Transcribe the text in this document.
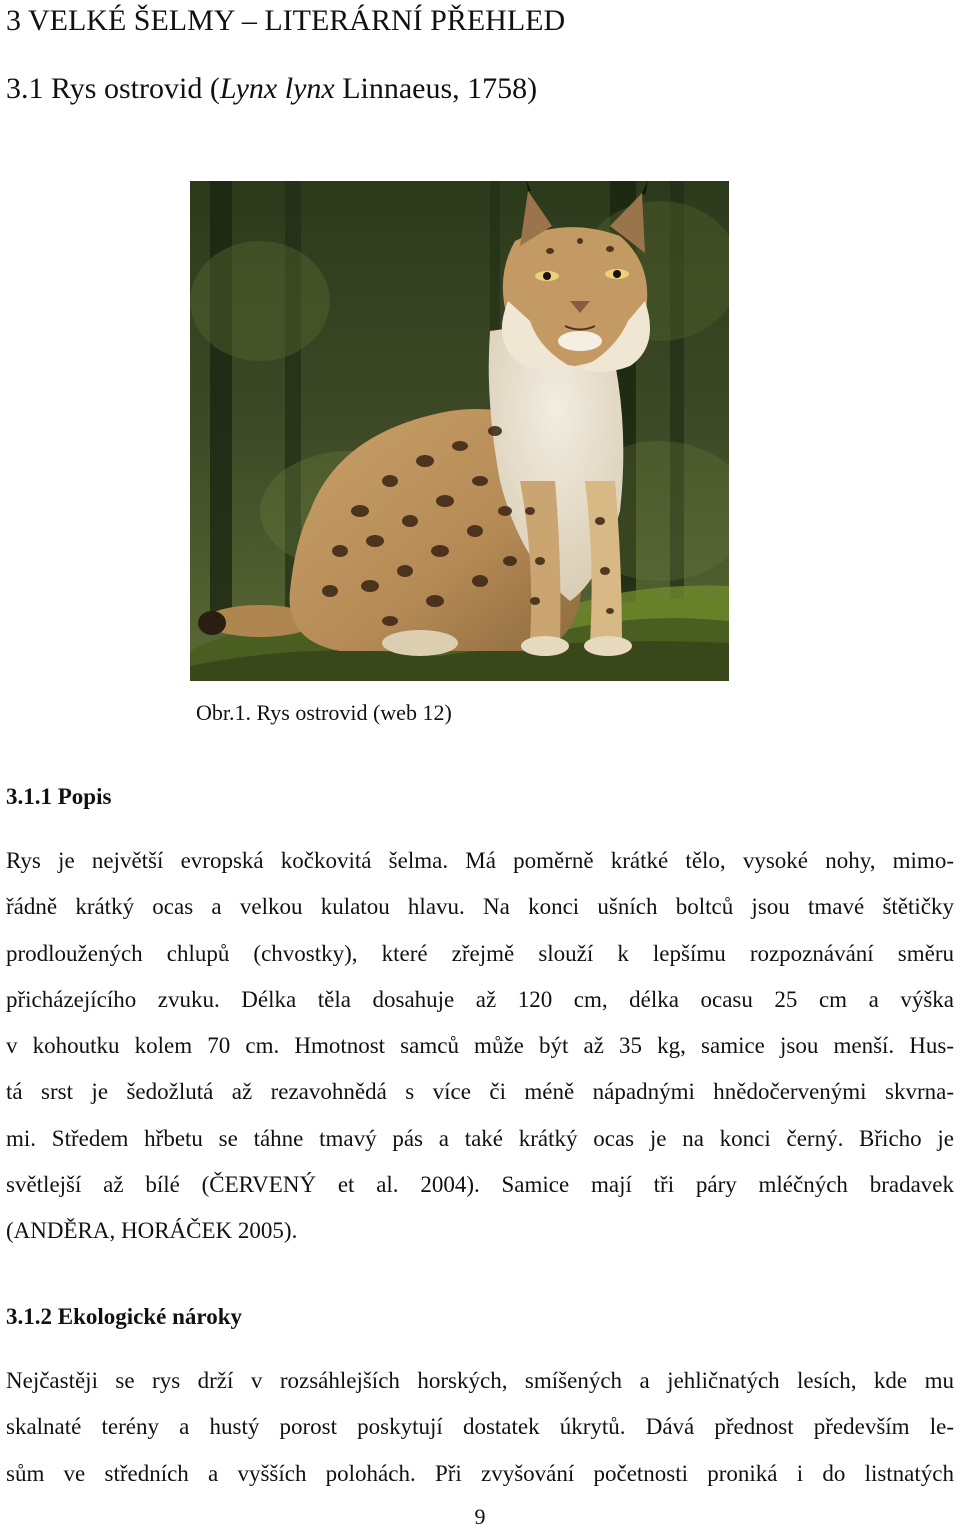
3 VELKÉ ŠELMY – LITERÁRNÍ PŘEHLED
3.1 Rys ostrovid (Lynx lynx Linnaeus, 1758)
Obr.1. Rys ostrovid (web 12)
3.1.1 Popis
Rys je největší evropská kočkovitá šelma. Má poměrně krátké tělo, vysoké nohy, mimo-
řádně krátký ocas a velkou kulatou hlavu. Na konci ušních boltců jsou tmavé štětičky
prodloužených chlupů (chvostky), které zřejmě slouží k lepšímu rozpoznávání směru
přicházejícího zvuku. Délka těla dosahuje až 120 cm, délka ocasu 25 cm a výška
v kohoutku kolem 70 cm. Hmotnost samců může být až 35 kg, samice jsou menší. Hus-
tá srst je šedožlutá až rezavohnědá s více či méně nápadnými hnědočervenými skvrna-
mi. Středem hřbetu se táhne tmavý pás a také krátký ocas je na konci černý. Břicho je
světlejší až bílé (ČERVENÝ et al. 2004). Samice mají tři páry mléčných bradavek
(ANDĚRA, HORÁČEK 2005).
3.1.2 Ekologické nároky
Nejčastěji se rys drží v rozsáhlejších horských, smíšených a jehličnatých lesích, kde mu
skalnaté terény a hustý porost poskytují dostatek úkrytů. Dává přednost především le-
sům ve středních a vyšších polohách. Při zvyšování početnosti proniká i do listnatých
9
